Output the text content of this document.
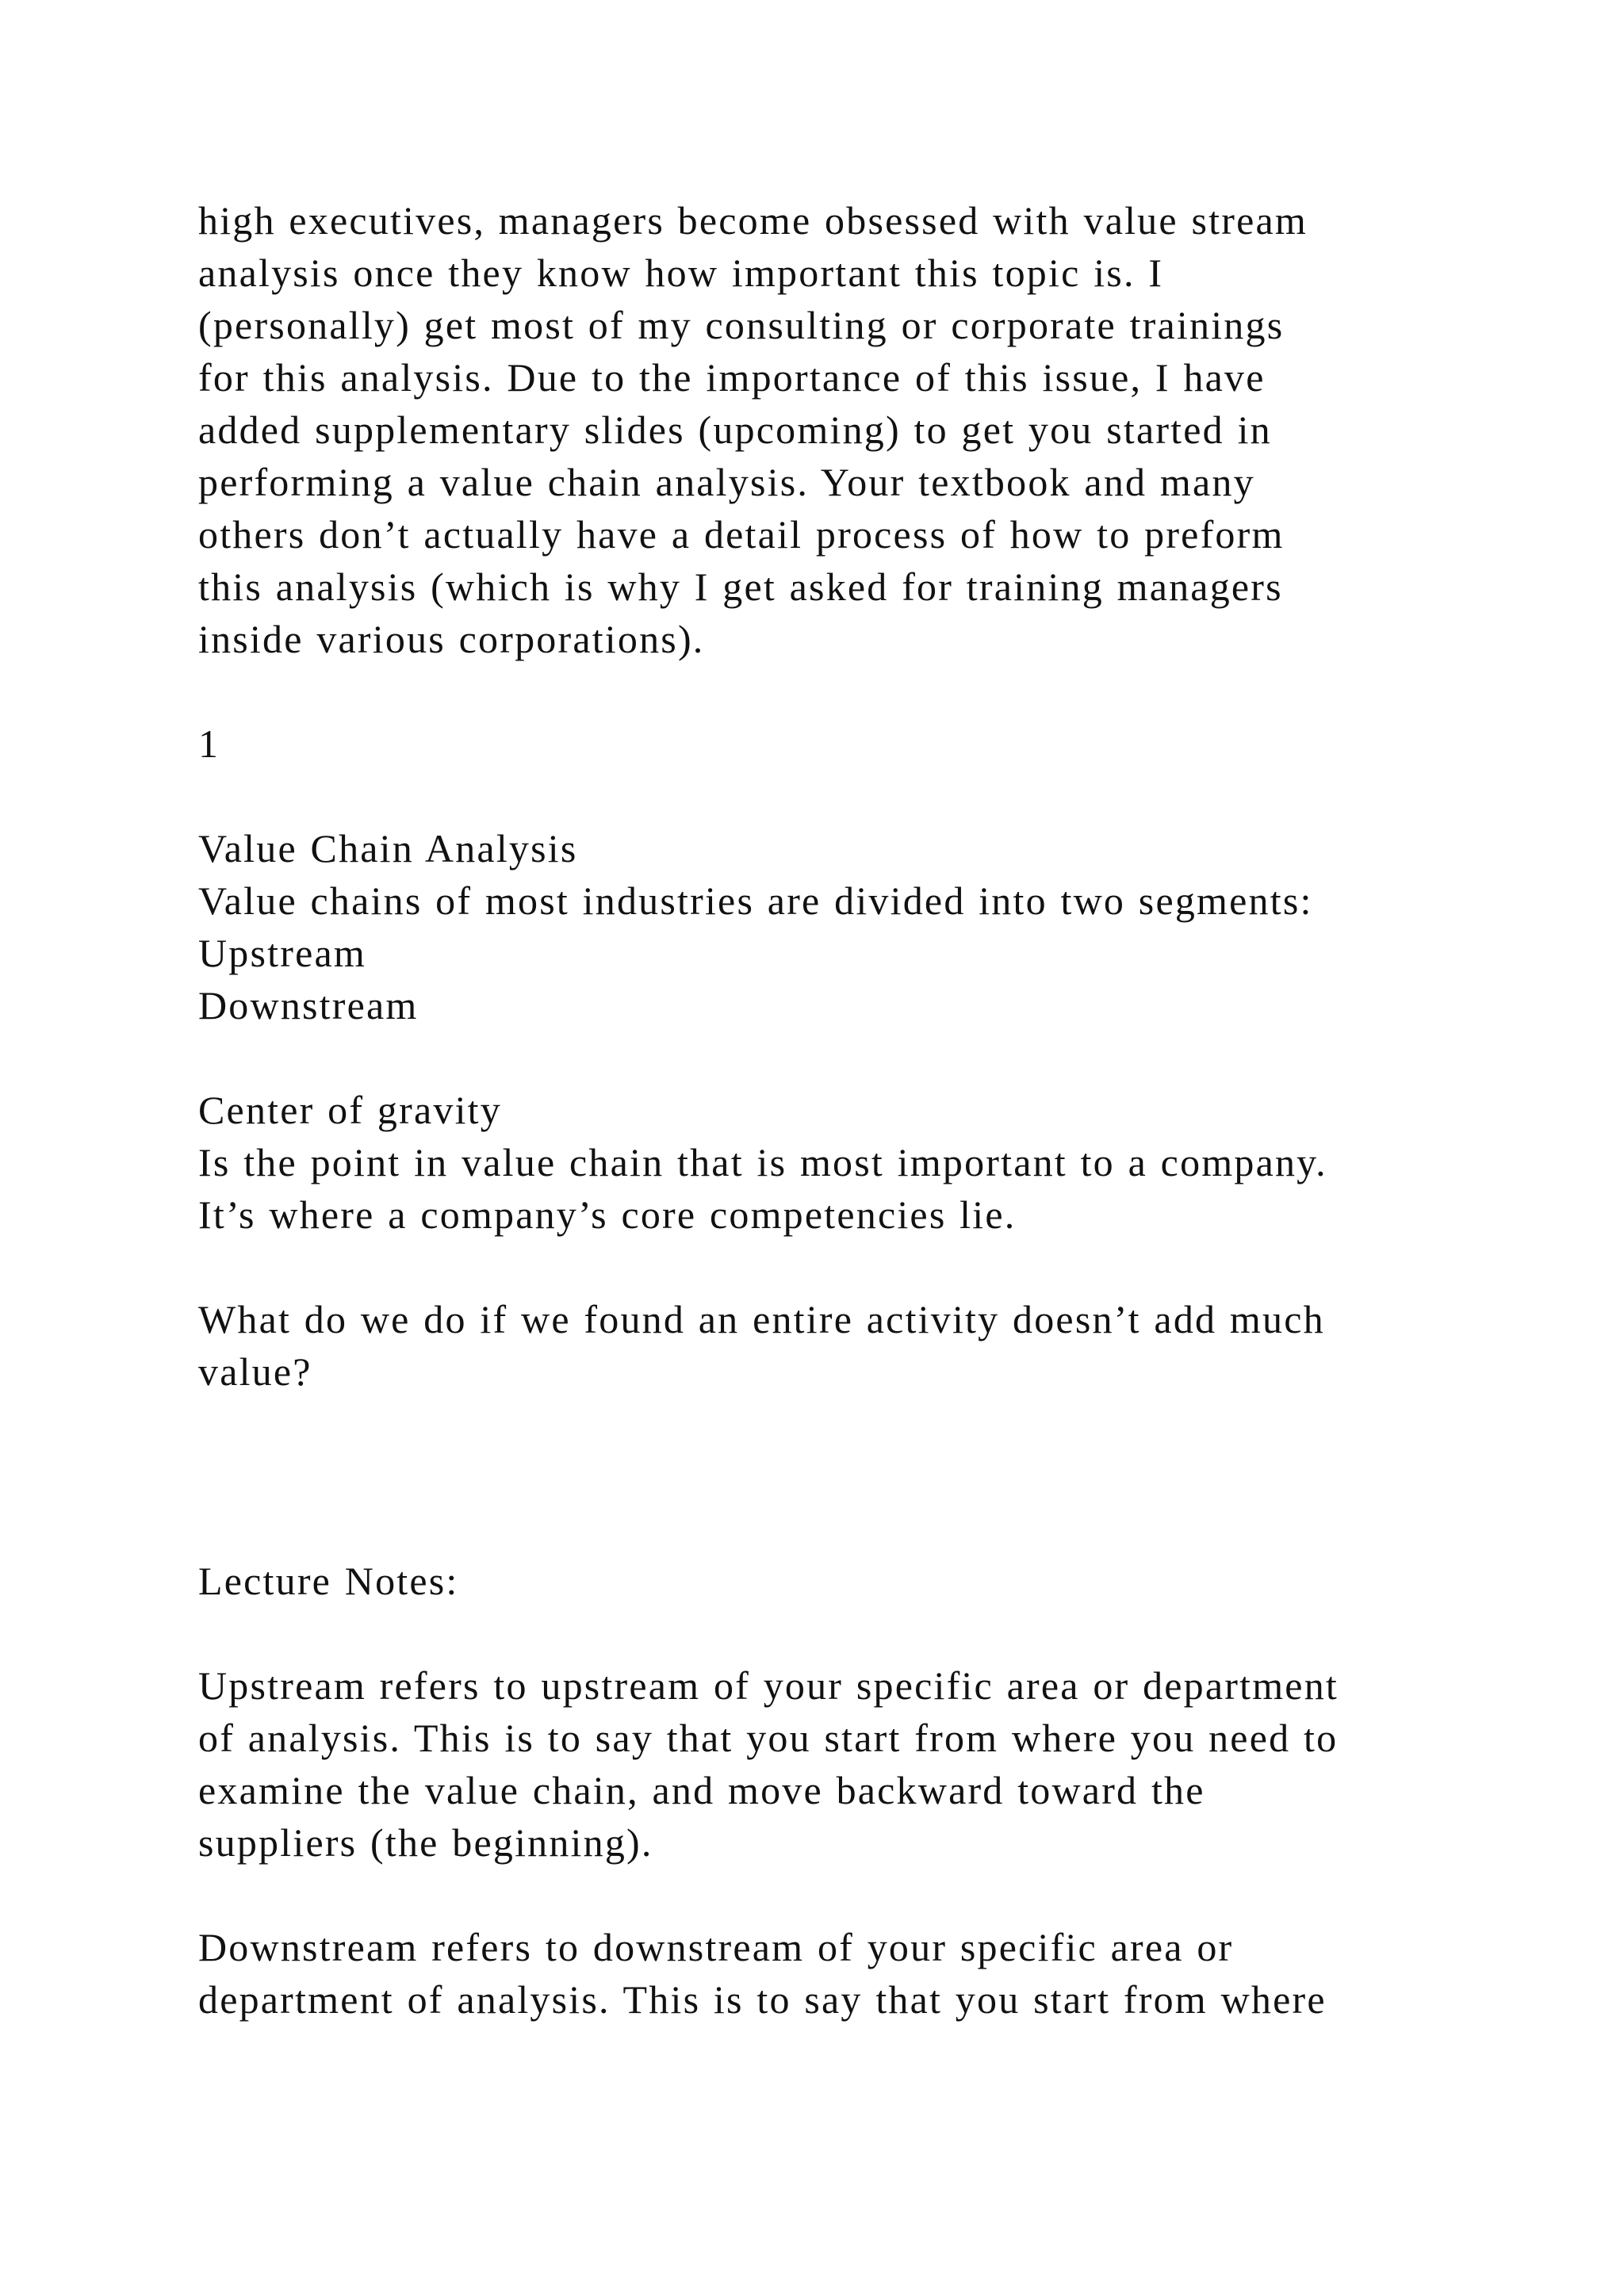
high executives, managers become obsessed with value stream
analysis once they know how important this topic is. I
(personally) get most of my consulting or corporate trainings
for this analysis. Due to the importance of this issue, I have
added supplementary slides (upcoming) to get you started in
performing a value chain analysis. Your textbook and many
others don’t actually have a detail process of how to preform
this analysis (which is why I get asked for training managers
inside various corporations).
1
Value Chain Analysis
Value chains of most industries are divided into two segments:
Upstream
Downstream
Center of gravity
Is the point in value chain that is most important to a company.
It’s where a company’s core competencies lie.
What do we do if we found an entire activity doesn’t add much
value?
Lecture Notes:
Upstream refers to upstream of your specific area or department
of analysis. This is to say that you start from where you need to
examine the value chain, and move backward toward the
suppliers (the beginning).
Downstream refers to downstream of your specific area or
department of analysis. This is to say that you start from where
